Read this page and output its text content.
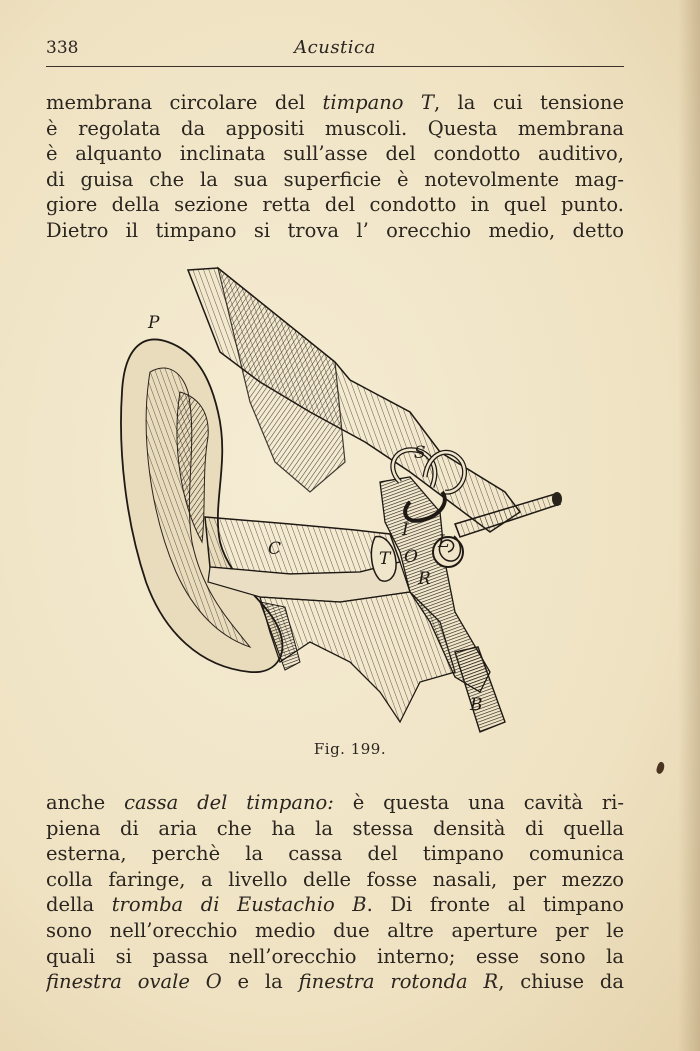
338	Acustica
membrana circolare del timpano T, la cui tensione
è regolata da appositi muscoli. Questa membrana
è alquanto inclinata sull’asse del condotto auditivo,
di guisa che la sua superficie è notevolmente mag-
giore della sezione retta del condotto in quel punto.
Dietro il timpano si trova l’ orecchio medio, detto
P
C	T
I
O
R
S
L
B
Fig. 199.
anche cassa del timpano: è questa una cavità ri-
piena di aria che ha la stessa densità di quella
esterna, perchè la cassa del timpano comunica
colla faringe, a livello delle fosse nasali, per mezzo
della tromba di Eustachio B. Di fronte al timpano
sono nell’orecchio medio due altre aperture per le
quali si passa nell’orecchio interno; esse sono la
finestra ovale O e la finestra rotonda R, chiuse da
